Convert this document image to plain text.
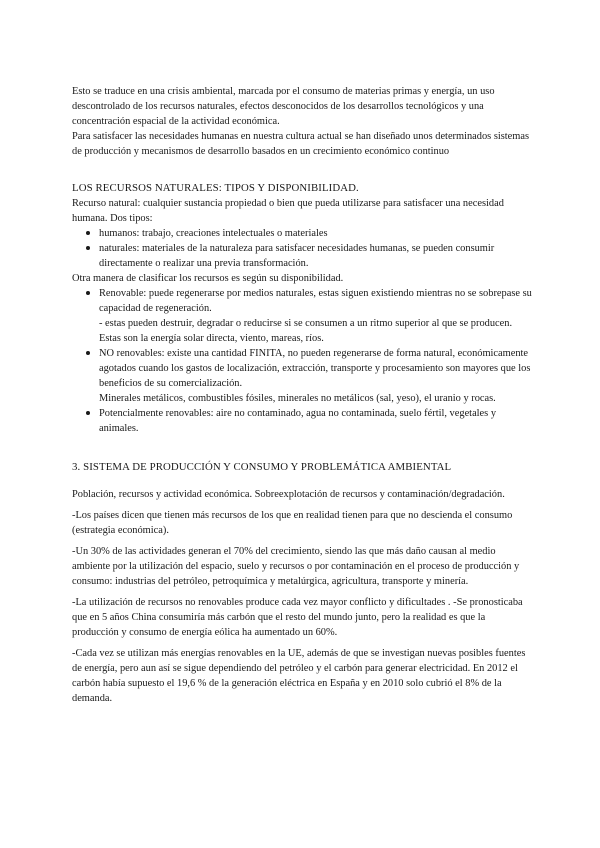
Esto se traduce en una crisis ambiental, marcada por el consumo de materias primas y energía, un uso descontrolado de los recursos naturales, efectos desconocidos de los desarrollos tecnológicos y una concentración espacial de la actividad económica.

Para satisfacer las necesidades humanas en nuestra cultura actual se han diseñado unos determinados sistemas de producción y mecanismos de desarrollo basados en un crecimiento económico continuo

LOS RECURSOS NATURALES: TIPOS Y DISPONIBILIDAD.

Recurso natural: cualquier sustancia propiedad o bien que pueda utilizarse para satisfacer una necesidad humana. Dos tipos:

humanos: trabajo, creaciones intelectuales o materiales
naturales: materiales de la naturaleza para satisfacer necesidades humanas, se pueden consumir directamente o realizar una previa transformación.

Otra manera de clasificar los recursos es según su disponibilidad.

Renovable: puede regenerarse por medios naturales, estas siguen existiendo mientras no se sobrepase su capacidad de regeneración.
- estas pueden destruir, degradar o reducirse si se consumen a un ritmo superior al que se producen.
Estas son la energía solar directa, viento, mareas, ríos.
NO renovables: existe una cantidad FINITA, no pueden regenerarse de forma natural, económicamente agotados cuando los gastos de localización, extracción, transporte y procesamiento son mayores que los beneficios de su comercialización.
Minerales metálicos, combustibles fósiles, minerales no metálicos (sal, yeso), el uranio y rocas.
Potencialmente renovables: aire no contaminado, agua no contaminada, suelo fértil, vegetales y animales.
3. SISTEMA DE PRODUCCIÓN Y CONSUMO Y PROBLEMÁTICA AMBIENTAL

Población, recursos y actividad económica. Sobreexplotación de recursos y contaminación/degradación.

-Los países dicen que tienen más recursos de los que en realidad tienen para que no descienda el consumo (estrategia económica).

-Un 30% de las actividades generan el 70% del crecimiento, siendo las que más daño causan al medio ambiente por la utilización del espacio, suelo y recursos o por contaminación en el proceso de producción y consumo: industrias del petróleo, petroquímica y metalúrgica, agricultura, transporte y minería.

-La utilización de recursos no renovables produce cada vez mayor conflicto y dificultades . -Se pronosticaba que en 5 años China consumiría más carbón que el resto del mundo junto, pero la realidad es que la producción y consumo de energía eólica ha aumentado un 60%.

-Cada vez se utilizan más energías renovables en la UE, además de que se investigan nuevas posibles fuentes de energía, pero aun así se sigue dependiendo del petróleo y el carbón para generar electricidad. En 2012 el carbón había supuesto el 19,6 % de la generación eléctrica en España y en 2010 solo cubrió el 8% de la demanda.
